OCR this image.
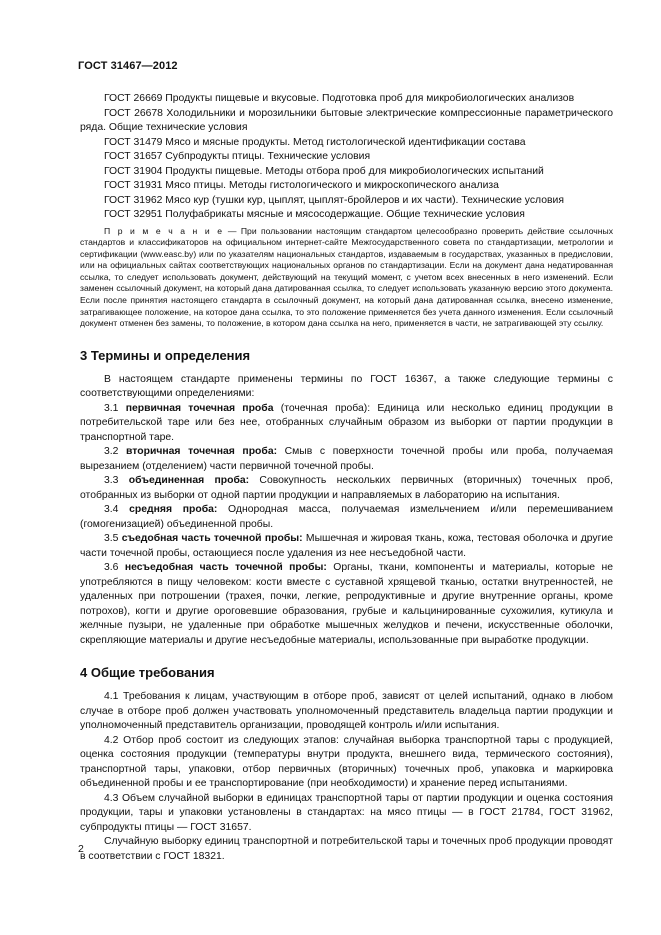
ГОСТ 31467—2012

ГОСТ 26669 Продукты пищевые и вкусовые. Подготовка проб для микробиологических анализов

ГОСТ 26678 Холодильники и морозильники бытовые электрические компрессионные параметрического ряда. Общие технические условия

ГОСТ 31479 Мясо и мясные продукты. Метод гистологической идентификации состава

ГОСТ 31657 Субпродукты птицы. Технические условия

ГОСТ 31904 Продукты пищевые. Методы отбора проб для микробиологических испытаний

ГОСТ 31931 Мясо птицы. Методы гистологического и микроскопического анализа

ГОСТ 31962 Мясо кур (тушки кур, цыплят, цыплят-бройлеров и их части). Технические условия

ГОСТ 32951 Полуфабрикаты мясные и мясосодержащие. Общие технические условия

П р и м е ч а н и е — При пользовании настоящим стандартом целесообразно проверить действие ссылочных стандартов и классификаторов на официальном интернет-сайте Межгосударственного совета по стандартизации, метрологии и сертификации (www.easc.by) или по указателям национальных стандартов, издаваемым в государствах, указанных в предисловии, или на официальных сайтах соответствующих национальных органов по стандартизации. Если на документ дана недатированная ссылка, то следует использовать документ, действующий на текущий момент, с учетом всех внесенных в него изменений. Если заменен ссылочный документ, на который дана датированная ссылка, то следует использовать указанную версию этого документа. Если после принятия настоящего стандарта в ссылочный документ, на который дана датированная ссылка, внесено изменение, затрагивающее положение, на которое дана ссылка, то это положение применяется без учета данного изменения. Если ссылочный документ отменен без замены, то положение, в котором дана ссылка на него, применяется в части, не затрагивающей эту ссылку.

3 Термины и определения

В настоящем стандарте применены термины по ГОСТ 16367, а также следующие термины с соответствующими определениями:

3.1 первичная точечная проба (точечная проба): Единица или несколько единиц продукции в потребительской таре или без нее, отобранных случайным образом из выборки от партии продукции в транспортной таре.

3.2 вторичная точечная проба: Смыв с поверхности точечной пробы или проба, получаемая вырезанием (отделением) части первичной точечной пробы.

3.3 объединенная проба: Совокупность нескольких первичных (вторичных) точечных проб, отобранных из выборки от одной партии продукции и направляемых в лабораторию на испытания.

3.4 средняя проба: Однородная масса, получаемая измельчением и/или перемешиванием (гомогенизацией) объединенной пробы.

3.5 съедобная часть точечной пробы: Мышечная и жировая ткань, кожа, тестовая оболочка и другие части точечной пробы, остающиеся после удаления из нее несъедобной части.

3.6 несъедобная часть точечной пробы: Органы, ткани, компоненты и материалы, которые не употребляются в пищу человеком: кости вместе с суставной хрящевой тканью, остатки внутренностей, не удаленных при потрошении (трахея, почки, легкие, репродуктивные и другие внутренние органы, кроме потрохов), когти и другие ороговевшие образования, грубые и кальцинированные сухожилия, кутикула и желчные пузыри, не удаленные при обработке мышечных желудков и печени, искусственные оболочки, скрепляющие материалы и другие несъедобные материалы, использованные при выработке продукции.

4 Общие требования

4.1 Требования к лицам, участвующим в отборе проб, зависят от целей испытаний, однако в любом случае в отборе проб должен участвовать уполномоченный представитель владельца партии продукции и уполномоченный представитель организации, проводящей контроль и/или испытания.

4.2 Отбор проб состоит из следующих этапов: случайная выборка транспортной тары с продукцией, оценка состояния продукции (температуры внутри продукта, внешнего вида, термического состояния), транспортной тары, упаковки, отбор первичных (вторичных) точечных проб, упаковка и маркировка объединенной пробы и ее транспортирование (при необходимости) и хранение перед испытаниями.

4.3 Объем случайной выборки в единицах транспортной тары от партии продукции и оценка состояния продукции, тары и упаковки установлены в стандартах: на мясо птицы — в ГОСТ 21784, ГОСТ 31962, субпродукты птицы — ГОСТ 31657.

Случайную выборку единиц транспортной и потребительской тары и точечных проб продукции проводят в соответствии с ГОСТ 18321.

2
